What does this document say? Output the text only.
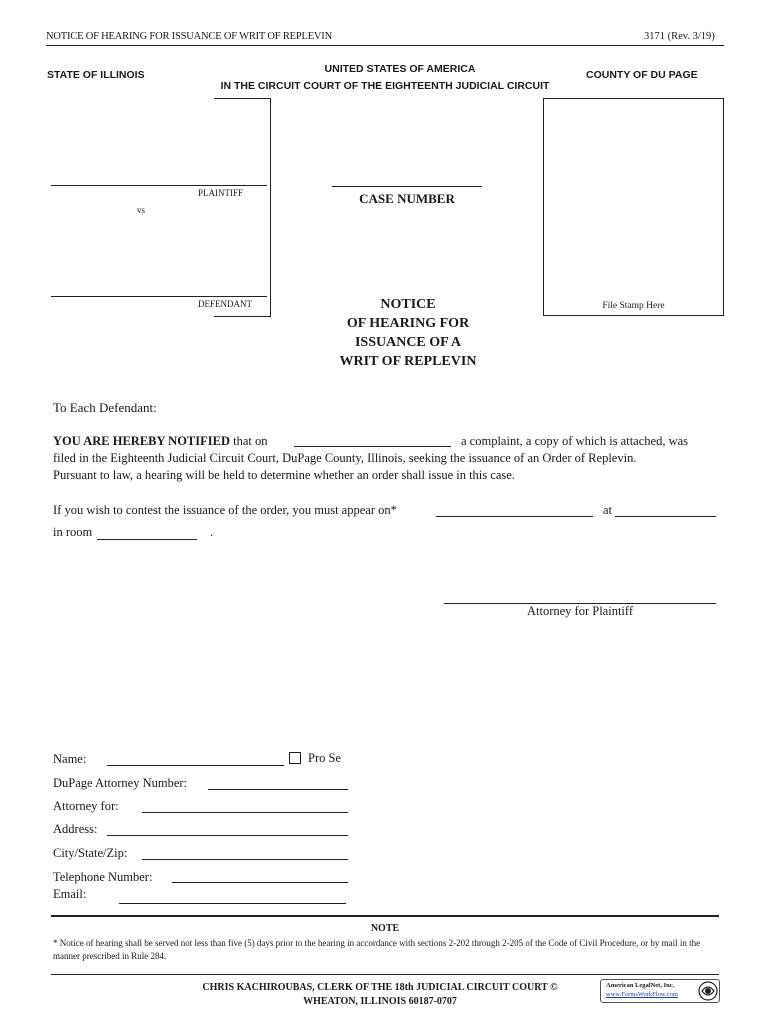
NOTICE OF HEARING FOR ISSUANCE OF WRIT OF REPLEVIN	3171 (Rev. 3/19)
STATE OF ILLINOIS	UNITED STATES OF AMERICA
IN THE CIRCUIT COURT OF THE EIGHTEENTH JUDICIAL CIRCUIT
COUNTY OF DU PAGE
PLAINTIFF
vs
DEFENDANT
CASE NUMBER
File Stamp Here
NOTICE
OF HEARING FOR
ISSUANCE OF A
WRIT OF REPLEVIN
To Each Defendant:
YOU ARE HEREBY NOTIFIED that on	a complaint, a copy of which is attached, was
filed in the Eighteenth Judicial Circuit Court, DuPage County, Illinois, seeking the issuance of an Order of Replevin.
Pursuant to law, a hearing will be held to determine whether an order shall issue in this case.
If you wish to contest the issuance of the order, you must appear on*	at
in room	.
Attorney for Plaintiff
Name:	Pro Se
DuPage Attorney Number:
Attorney for:
Address:
City/State/Zip:
Telephone Number:
Email:
NOTE
* Notice of hearing shall be served not less than five (5) days prior to the hearing in accordance with sections 2-202 through 2-205 of the Code of Civil Procedure, or by mail in the manner prescribed in Rule 284.
CHRIS KACHIROUBAS, CLERK OF THE 18th JUDICIAL CIRCUIT COURT ©
WHEATON, ILLINOIS 60187-0707
American LegalNet, Inc.
www.FormsWorkFlow.com
